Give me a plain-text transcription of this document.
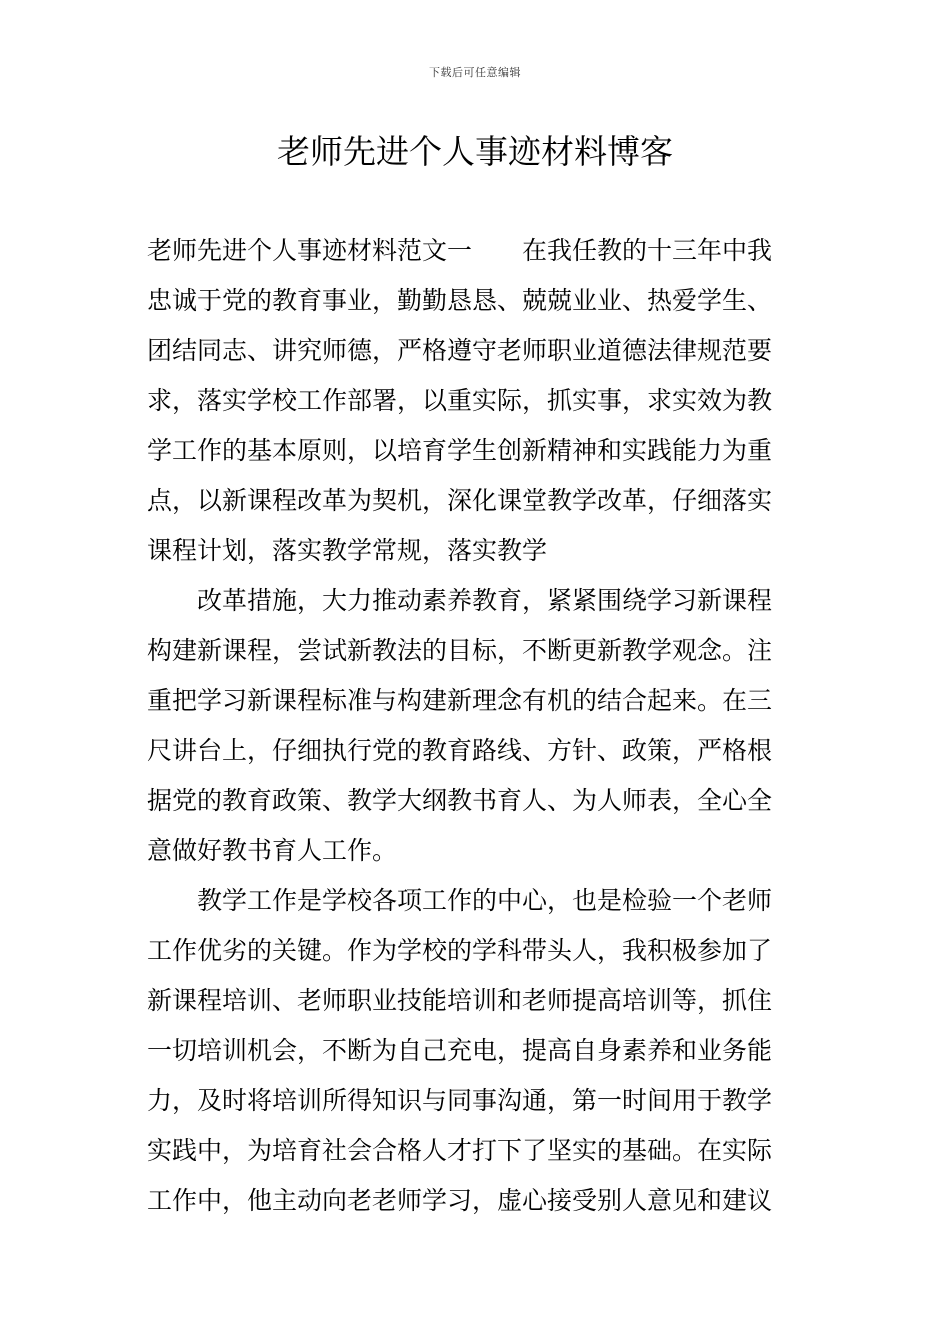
下载后可任意编辑
老师先进个人事迹材料博客
老师先进个人事迹材料范文一　　在我任教的十三年中我
忠诚于党的教育事业，勤勤恳恳、兢兢业业、热爱学生、
团结同志、讲究师德，严格遵守老师职业道德法律规范要
求，落实学校工作部署，以重实际，抓实事，求实效为教
学工作的基本原则，以培育学生创新精神和实践能力为重
点，以新课程改革为契机，深化课堂教学改革，仔细落实
课程计划，落实教学常规，落实教学
改革措施，大力推动素养教育，紧紧围绕学习新课程
构建新课程，尝试新教法的目标，不断更新教学观念。注
重把学习新课程标准与构建新理念有机的结合起来。在三
尺讲台上，仔细执行党的教育路线、方针、政策，严格根
据党的教育政策、教学大纲教书育人、为人师表，全心全
意做好教书育人工作。
教学工作是学校各项工作的中心，也是检验一个老师
工作优劣的关键。作为学校的学科带头人，我积极参加了
新课程培训、老师职业技能培训和老师提高培训等，抓住
一切培训机会，不断为自己充电，提高自身素养和业务能
力，及时将培训所得知识与同事沟通，第一时间用于教学
实践中，为培育社会合格人才打下了坚实的基础。在实际
工作中，他主动向老老师学习，虚心接受别人意见和建议
